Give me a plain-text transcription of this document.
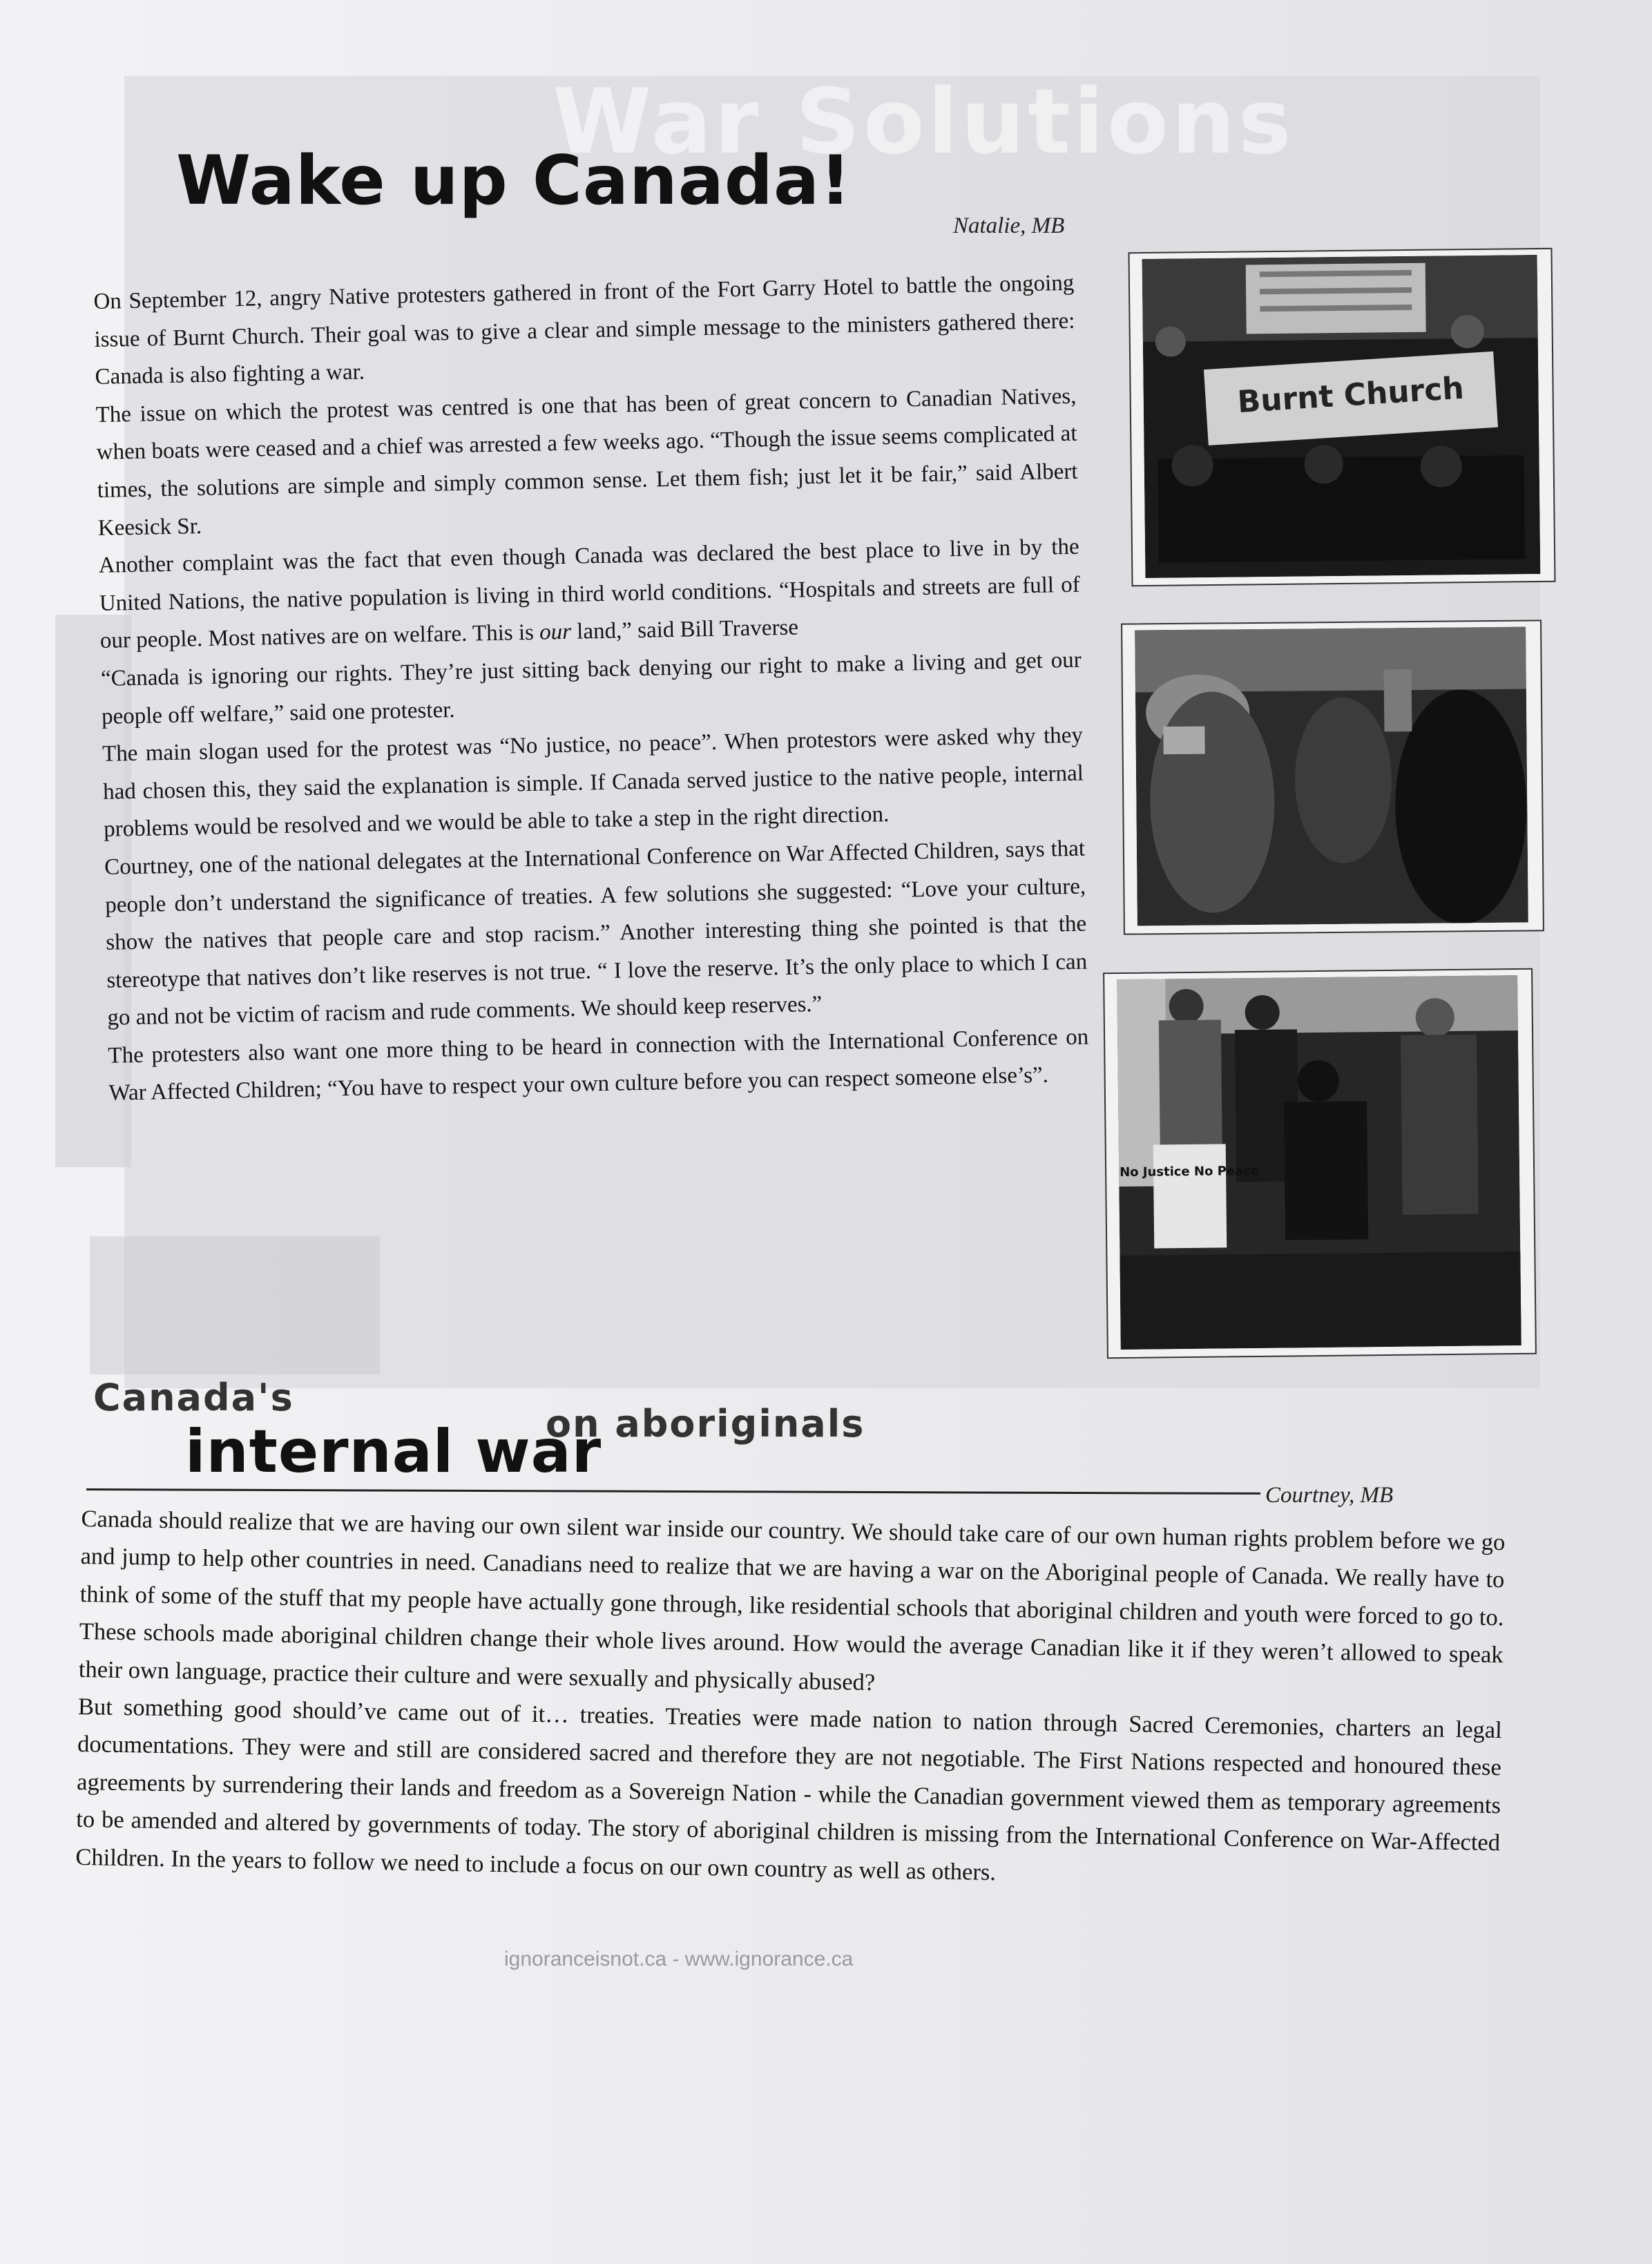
War Solutions
Wake up Canada!
Natalie, MB

On September 12, angry Native protesters gathered in front of the Fort Garry Hotel to battle the ongoing issue of Burnt Church. Their goal was to give a clear and simple message to the ministers gathered there: Canada is also fighting a war.

The issue on which the protest was centred is one that has been of great concern to Canadian Natives, when boats were ceased and a chief was arrested a few weeks ago. “Though the issue seems complicated at times, the solutions are simple and simply common sense. Let them fish; just let it be fair,” said Albert Keesick Sr.

Another complaint was the fact that even though Canada was declared the best place to live in by the United Nations, the native population is living in third world conditions. “Hospitals and streets are full of our people. Most natives are on welfare. This is our land,” said Bill Traverse

“Canada is ignoring our rights. They’re just sitting back denying our right to make a living and get our people off welfare,” said one protester.

The main slogan used for the protest was “No justice, no peace”. When protestors were asked why they had chosen this, they said the explanation is simple. If Canada served justice to the native people, internal problems would be resolved and we would be able to take a step in the right direction.

Courtney, one of the national delegates at the International Conference on War Affected Children, says that people don’t understand the significance of treaties. A few solutions she suggested: “Love your culture, show the natives that people care and stop racism.” Another interesting thing she pointed is that the stereotype that natives don’t like reserves is not true. “ I love the reserve. It’s the only place to which I can go and not be victim of racism and rude comments. We should keep reserves.”

The protesters also want one more thing to be heard in connection with the International Conference on War Affected Children; “You have to respect your own culture before you can respect someone else’s”.

Burnt Church
No Justice No Peace
Canada's
internal war
on aboriginals
Courtney, MB

Canada should realize that we are having our own silent war inside our country. We should take care of our own human rights problem before we go and jump to help other countries in need. Canadians need to realize that we are having a war on the Aboriginal people of Canada. We really have to think of some of the stuff that my people have actually gone through, like residential schools that aboriginal children and youth were forced to go to. These schools made aboriginal children change their whole lives around. How would the average Canadian like it if they weren’t allowed to speak their own language, practice their culture and were sexually and physically abused?

But something good should’ve came out of it… treaties. Treaties were made nation to nation through Sacred Ceremonies, charters an legal documentations. They were and still are considered sacred and therefore they are not negotiable. The First Nations respected and honoured these agreements by surrendering their lands and freedom as a Sovereign Nation - while the Canadian government viewed them as temporary agreements to be amended and altered by governments of today. The story of aboriginal children is missing from the International Conference on War-Affected Children. In the years to follow we need to include a focus on our own country as well as others.

ignoranceisnot.ca - www.ignorance.ca
